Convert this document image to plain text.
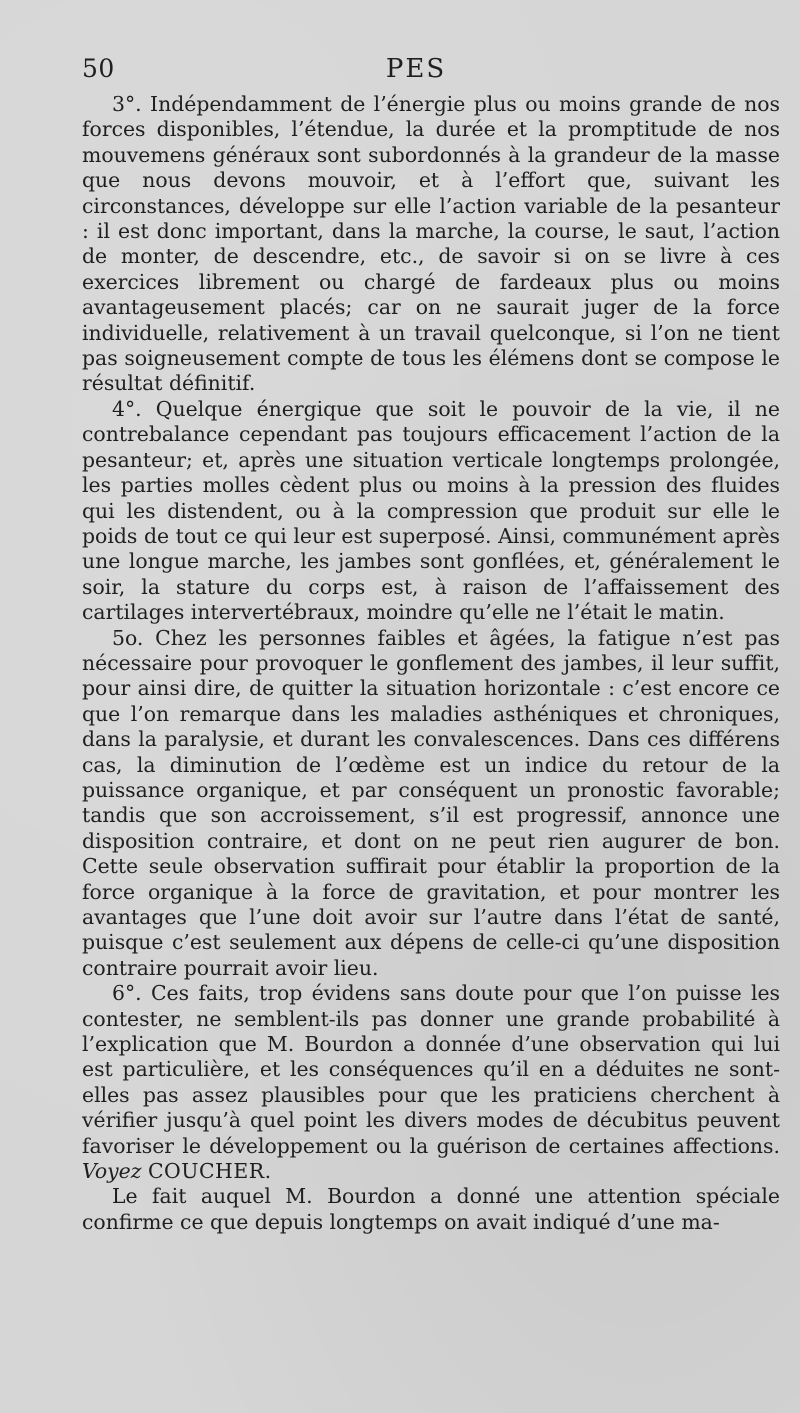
50	PES

3°. Indépendamment de l’énergie plus ou moins grande de nos forces disponibles, l’étendue, la durée et la promptitude de nos mouvemens généraux sont subordonnés à la grandeur de la masse que nous devons mouvoir, et à l’effort que, suivant les circonstances, développe sur elle l’action variable de la pesanteur : il est donc important, dans la marche, la course, le saut, l’action de monter, de descendre, etc., de savoir si on se livre à ces exercices librement ou chargé de fardeaux plus ou moins avantageusement placés; car on ne saurait juger de la force individuelle, relativement à un travail quelconque, si l’on ne tient pas soigneusement compte de tous les élémens dont se compose le résultat définitif.

4°. Quelque énergique que soit le pouvoir de la vie, il ne contrebalance cependant pas toujours efficacement l’action de la pesanteur; et, après une situation verticale longtemps prolongée, les parties molles cèdent plus ou moins à la pression des fluides qui les distendent, ou à la compression que produit sur elle le poids de tout ce qui leur est superposé. Ainsi, communément après une longue marche, les jambes sont gonflées, et, généralement le soir, la stature du corps est, à raison de l’affaissement des cartilages intervertébraux, moindre qu’elle ne l’était le matin.

5o. Chez les personnes faibles et âgées, la fatigue n’est pas nécessaire pour provoquer le gonflement des jambes, il leur suffit, pour ainsi dire, de quitter la situation horizontale : c’est encore ce que l’on remarque dans les maladies asthéniques et chroniques, dans la paralysie, et durant les convalescences. Dans ces différens cas, la diminution de l’œdème est un indice du retour de la puissance organique, et par conséquent un pronostic favorable; tandis que son accroissement, s’il est progressif, annonce une disposition contraire, et dont on ne peut rien augurer de bon. Cette seule observation suffirait pour établir la proportion de la force organique à la force de gravitation, et pour montrer les avantages que l’une doit avoir sur l’autre dans l’état de santé, puisque c’est seulement aux dépens de celle-ci qu’une disposition contraire pourrait avoir lieu.

6°. Ces faits, trop évidens sans doute pour que l’on puisse les contester, ne semblent-ils pas donner une grande probabilité à l’explication que M. Bourdon a donnée d’une observation qui lui est particulière, et les conséquences qu’il en a déduites ne sont-elles pas assez plausibles pour que les praticiens cherchent à vérifier jusqu’à quel point les divers modes de décubitus peuvent favoriser le développement ou la guérison de certaines affections. Voyez COUCHER.

Le fait auquel M. Bourdon a donné une attention spéciale confirme ce que depuis longtemps on avait indiqué d’une ma-
